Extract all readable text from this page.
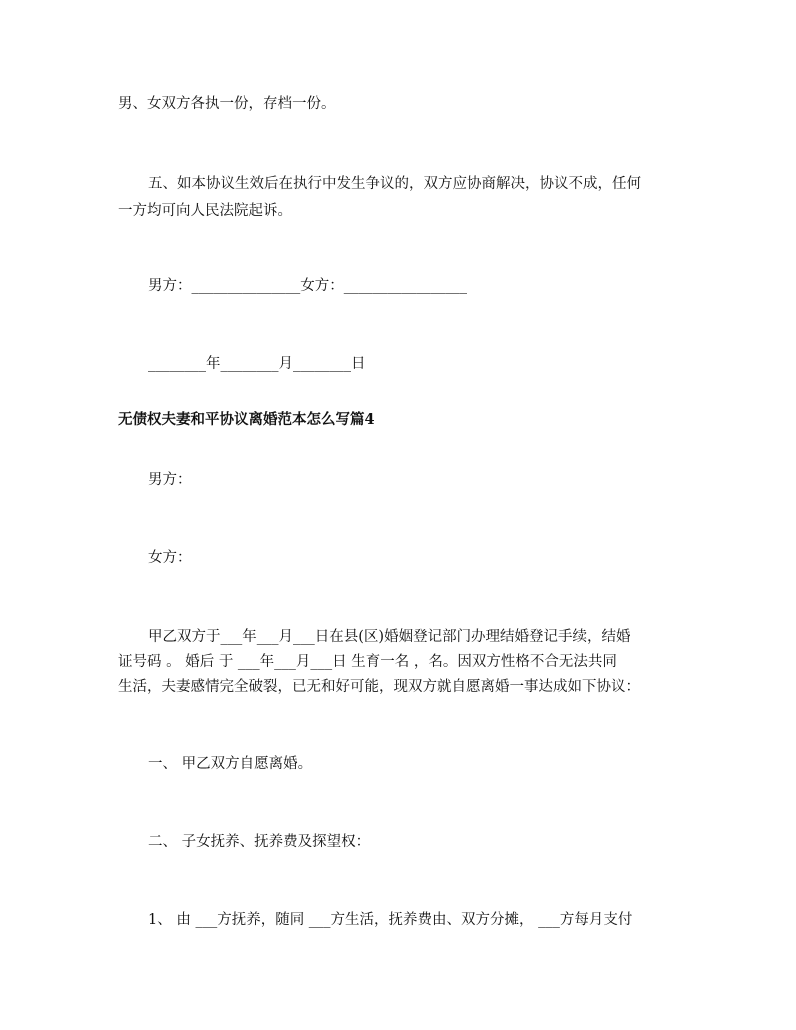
男、女双方各执一份，存档一份。
五、如本协议生效后在执行中发生争议的，双方应协商解决，协议不成，任何
一方均可向人民法院起诉。
男方：_______________女方：_________________
________年________月________日
无债权夫妻和平协议离婚范本怎么写篇4
男方：
女方：
甲乙双方于___年___月___日在县(区)婚姻登记部门办理结婚登记手续，结婚
证号码 。 婚后 于 ___年___月___日 生育一名 ，名。因双方性格不合无法共同
生活，夫妻感情完全破裂，已无和好可能，现双方就自愿离婚一事达成如下协议：
一、 甲乙双方自愿离婚。
二、 子女抚养、抚养费及探望权：
1、 由 ___方抚养，随同 ___方生活，抚养费由、双方分摊， ___方每月支付
